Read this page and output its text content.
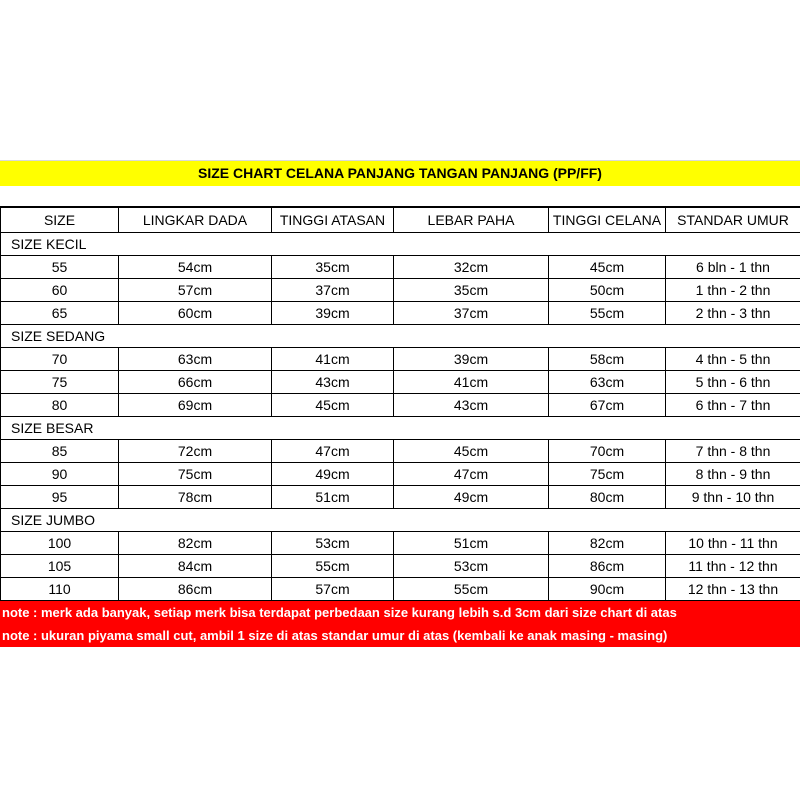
SIZE CHART CELANA PANJANG TANGAN PANJANG (PP/FF)
SIZE	LINGKAR DADA	TINGGI ATASAN	LEBAR PAHA	TINGGI CELANA	STANDAR UMUR
SIZE KECIL					
55	54cm	35cm	32cm	45cm	6 bln - 1 thn
60	57cm	37cm	35cm	50cm	1 thn - 2 thn
65	60cm	39cm	37cm	55cm	2 thn - 3 thn
SIZE SEDANG					
70	63cm	41cm	39cm	58cm	4 thn - 5 thn
75	66cm	43cm	41cm	63cm	5 thn - 6 thn
80	69cm	45cm	43cm	67cm	6 thn - 7 thn
SIZE BESAR					
85	72cm	47cm	45cm	70cm	7 thn - 8 thn
90	75cm	49cm	47cm	75cm	8 thn - 9 thn
95	78cm	51cm	49cm	80cm	9 thn - 10 thn
SIZE JUMBO					
100	82cm	53cm	51cm	82cm	10 thn - 11 thn
105	84cm	55cm	53cm	86cm	11 thn - 12 thn
110	86cm	57cm	55cm	90cm	12 thn - 13 thn
note : merk ada banyak, setiap merk bisa terdapat perbedaan size kurang lebih s.d 3cm dari size chart di atas
note : ukuran piyama small cut, ambil 1 size di atas standar umur di atas (kembali ke anak masing - masing)
